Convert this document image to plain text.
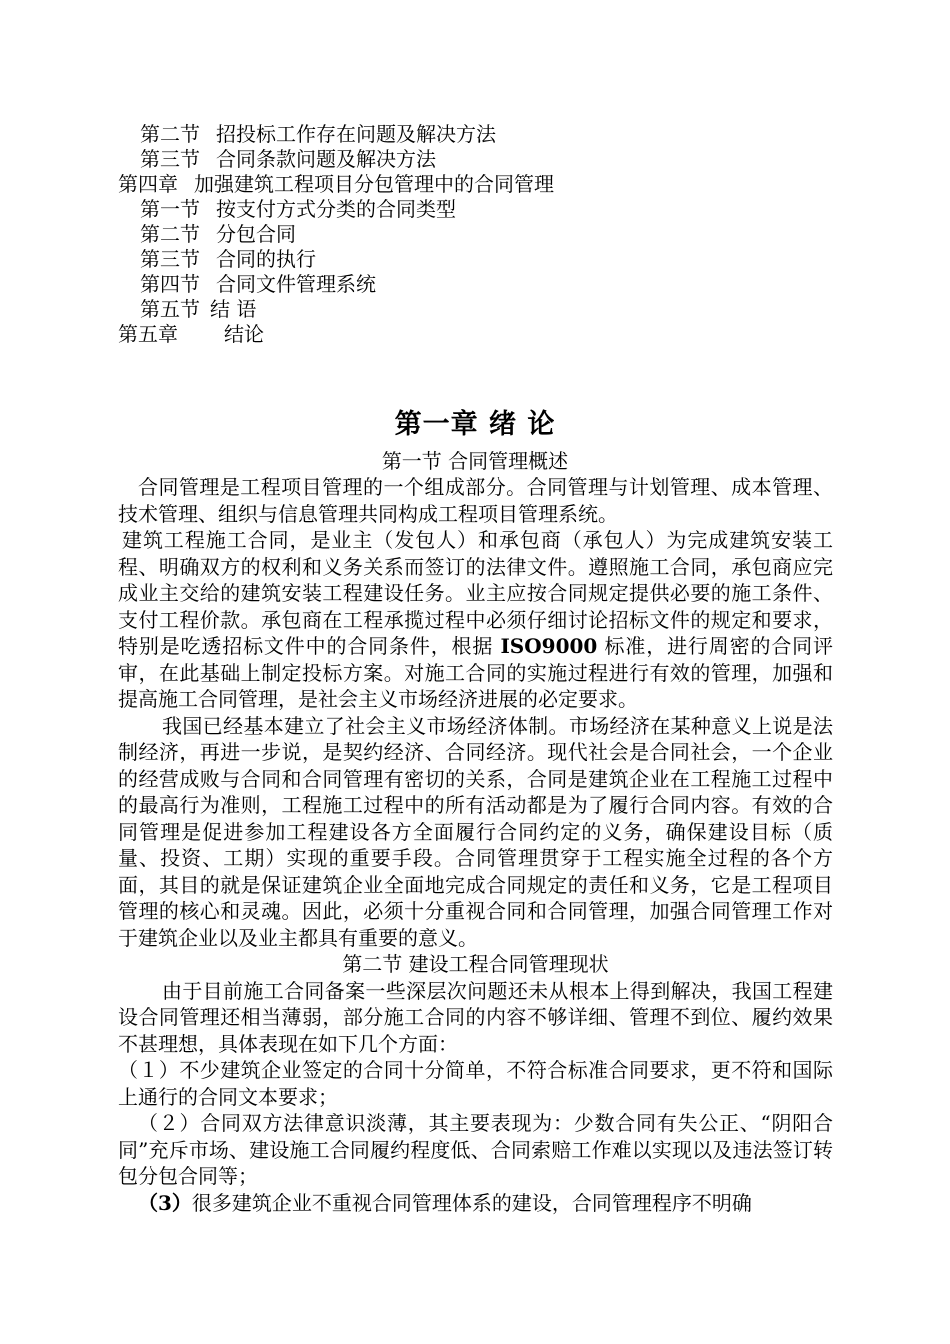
第二节 招投标工作存在问题及解决方法
第三节 合同条款问题及解决方法
第四章 加强建筑工程项目分包管理中的合同管理
第一节 按支付方式分类的合同类型
第二节 分包合同
第三节 合同的执行
第四节 合同文件管理系统
第五节 结 语
第五章 结论
第一章 绪 论
第一节 合同管理概述

合同管理是工程项目管理的一个组成部分。合同管理与计划管理、成本管理、技术管理、组织与信息管理共同构成工程项目管理系统。

建筑工程施工合同，是业主（发包人）和承包商（承包人）为完成建筑安装工程、明确双方的权利和义务关系而签订的法律文件。遵照施工合同，承包商应完成业主交给的建筑安装工程建设任务。业主应按合同规定提供必要的施工条件、支付工程价款。承包商在工程承揽过程中必须仔细讨论招标文件的规定和要求，特别是吃透招标文件中的合同条件，根据 ISO9000 标准，进行周密的合同评审，在此基础上制定投标方案。对施工合同的实施过程进行有效的管理，加强和提高施工合同管理，是社会主义市场经济进展的必定要求。

我国已经基本建立了社会主义市场经济体制。市场经济在某种意义上说是法制经济，再进一步说，是契约经济、合同经济。现代社会是合同社会，一个企业的经营成败与合同和合同管理有密切的关系，合同是建筑企业在工程施工过程中的最高行为准则，工程施工过程中的所有活动都是为了履行合同内容。有效的合同管理是促进参加工程建设各方全面履行合同约定的义务，确保建设目标（质量、投资、工期）实现的重要手段。合同管理贯穿于工程实施全过程的各个方面，其目的就是保证建筑企业全面地完成合同规定的责任和义务，它是工程项目管理的核心和灵魂。因此，必须十分重视合同和合同管理，加强合同管理工作对于建筑企业以及业主都具有重要的意义。

第二节 建设工程合同管理现状

由于目前施工合同备案一些深层次问题还未从根本上得到解决，我国工程建设合同管理还相当薄弱，部分施工合同的内容不够详细、管理不到位、履约效果不甚理想，具体表现在如下几个方面：

（１）不少建筑企业签定的合同十分简单，不符合标准合同要求，更不符和国际上通行的合同文本要求；

（２）合同双方法律意识淡薄，其主要表现为：少数合同有失公正、“阴阳合同”充斥市场、建设施工合同履约程度低、合同索赔工作难以实现以及违法签订转包分包合同等；

（3）很多建筑企业不重视合同管理体系的建设，合同管理程序不明确
